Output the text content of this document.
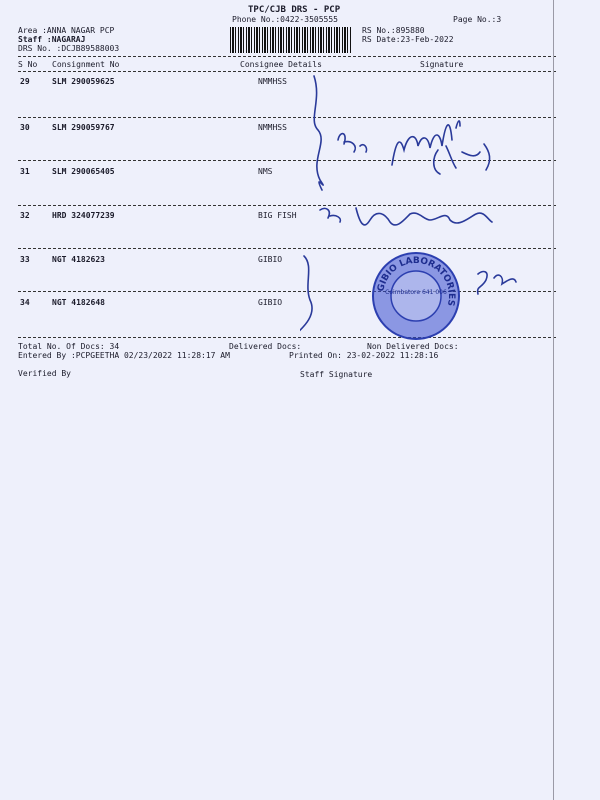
TPC/CJB DRS - PCP
Phone No.:0422-3505555	Page No.:3
Area :ANNA NAGAR PCP
Staff :NAGARAJ
DRS No. :DCJB89588003
RS No.:895880
RS Date:23-Feb-2022
S No Consignment No	Consignee Details	Signature
29	SLM 290059625	NMMHSS
30	SLM 290059767	NMMHSS
31	SLM 290065405	NMS
32	HRD 324077239	BIG FISH
33	NGT 4182623	GIBIO
34	NGT 4182648	GIBIO
Total No. Of Docs: 34	Delivered Docs:	Non Delivered Docs:
Entered By :PCPGEETHA 02/23/2022 11:28:17 AM	Printed On: 23-02-2022 11:28:16
Verified By	Staff Signature
GIBIO LABORATORIES
Coimbatore 641 006
